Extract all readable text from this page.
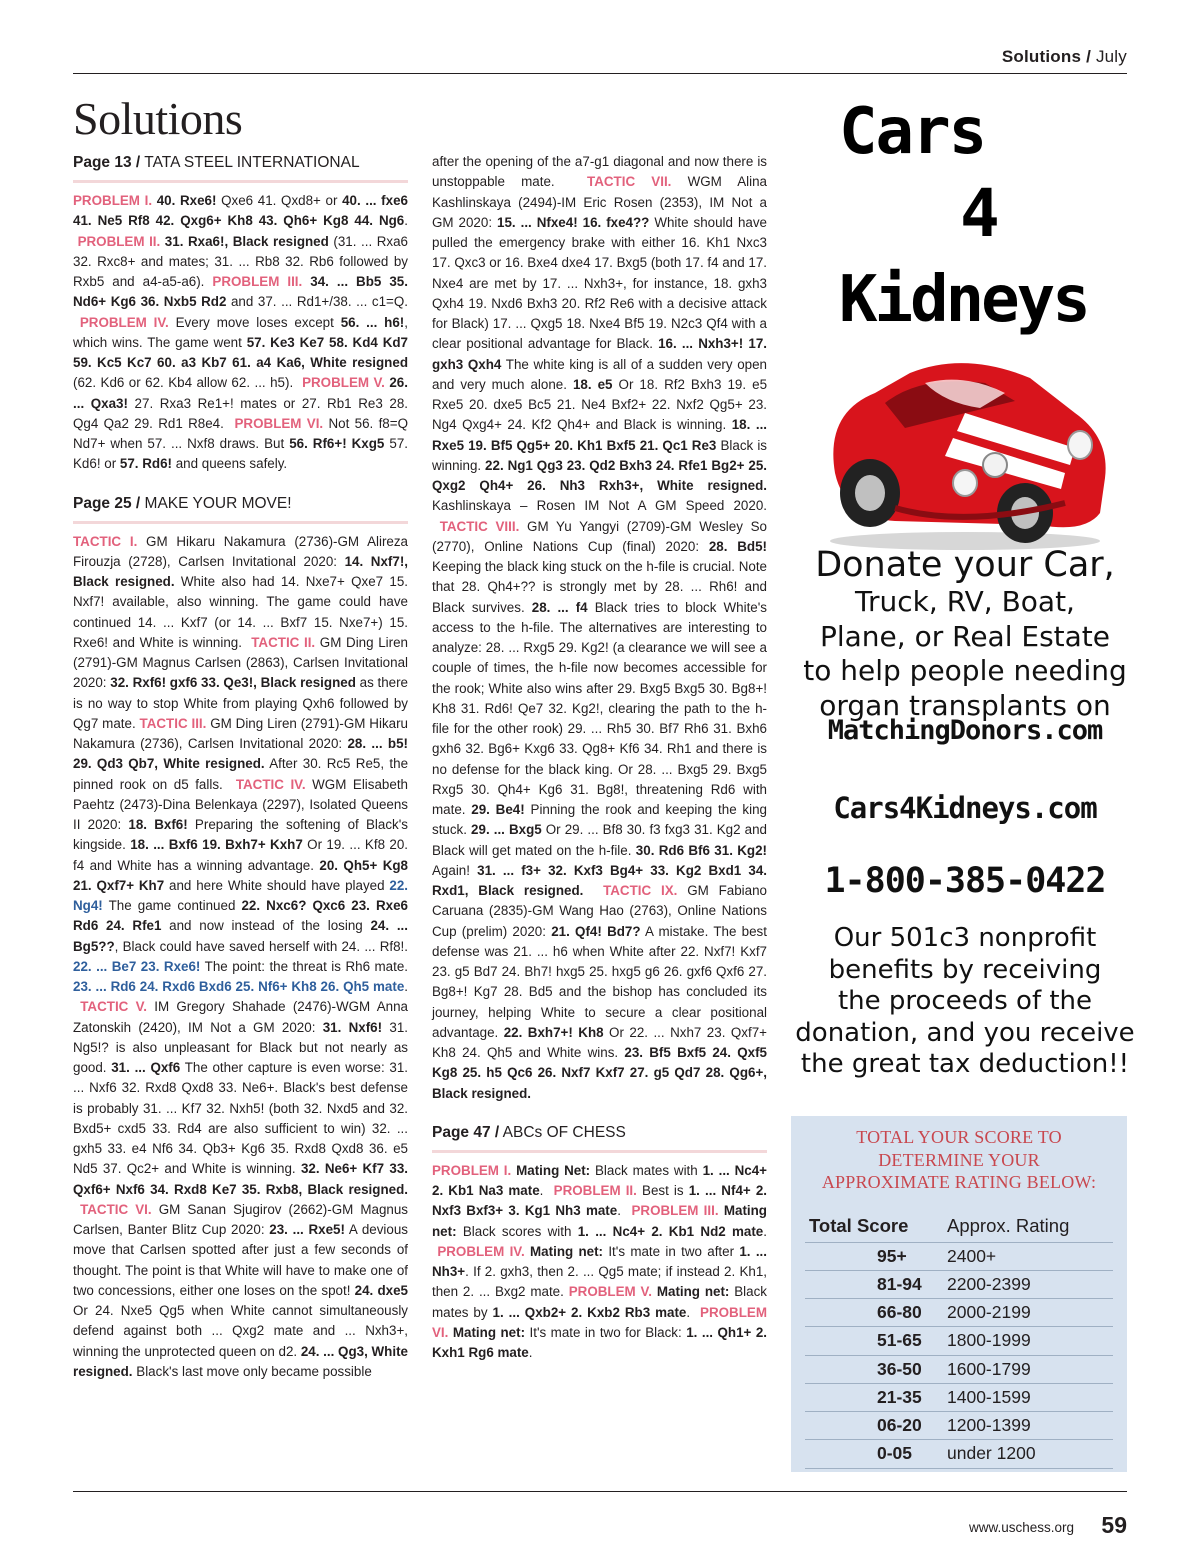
Solutions / July
Solutions
Page 13 / TATA STEEL INTERNATIONAL

PROBLEM I. 40. Rxe6! Qxe6 41. Qxd8+ or 40. ... fxe6 41. Ne5 Rf8 42. Qxg6+ Kh8 43. Qh6+ Kg8 44. Ng6.  PROBLEM II. 31. Rxa6!, Black resigned (31. ... Rxa6 32. Rxc8+ and mates; 31. ... Rb8 32. Rb6 followed by Rxb5 and a4-a5-a6). PROBLEM III. 34. ... Bb5 35. Nd6+ Kg6 36. Nxb5 Rd2 and 37. ... Rd1+/38. ... c1=Q.  PROBLEM IV. Every move loses except 56. ... h6!, which wins. The game went 57. Ke3 Ke7 58. Kd4 Kd7 59. Kc5 Kc7 60. a3 Kb7 61. a4 Ka6, White resigned (62. Kd6 or 62. Kb4 allow 62. ... h5).  PROBLEM V. 26. ... Qxa3! 27. Rxa3 Re1+! mates or 27. Rb1 Re3 28. Qg4 Qa2 29. Rd1 R8e4.  PROBLEM VI. Not 56. f8=Q Nd7+ when 57. ... Nxf8 draws. But 56. Rf6+! Kxg5 57. Kd6! or 57. Rd6! and queens safely.

Page 25 / MAKE YOUR MOVE!

TACTIC I. GM Hikaru Nakamura (2736)-GM Alireza Firouzja (2728), Carlsen Invitational 2020: 14. Nxf7!, Black resigned. White also had 14. Nxe7+ Qxe7 15. Nxf7! available, also winning. The game could have continued 14. ... Kxf7 (or 14. ... Bxf7 15. Nxe7+) 15. Rxe6! and White is winning.  TACTIC II. GM Ding Liren (2791)-GM Magnus Carlsen (2863), Carlsen Invitational 2020: 32. Rxf6! gxf6 33. Qe3!, Black resigned as there is no way to stop White from playing Qxh6 followed by Qg7 mate. TACTIC III. GM Ding Liren (2791)-GM Hikaru Nakamura (2736), Carlsen Invitational 2020: 28. ... b5! 29. Qd3 Qb7, White resigned. After 30. Rc5 Re5, the pinned rook on d5 falls.  TACTIC IV. WGM Elisabeth Paehtz (2473)-Dina Belenkaya (2297), Isolated Queens II 2020: 18. Bxf6! Preparing the softening of Black's kingside. 18. ... Bxf6 19. Bxh7+ Kxh7 Or 19. ... Kf8 20. f4 and White has a winning advantage. 20. Qh5+ Kg8 21. Qxf7+ Kh7 and here White should have played 22. Ng4! The game continued 22. Nxc6? Qxc6 23. Rxe6 Rd6 24. Rfe1 and now instead of the losing 24. ... Bg5??, Black could have saved herself with 24. ... Rf8!. 22. ... Be7 23. Rxe6! The point: the threat is Rh6 mate. 23. ... Rd6 24. Rxd6 Bxd6 25. Nf6+ Kh8 26. Qh5 mate.  TACTIC V. IM Gregory Shahade (2476)-WGM Anna Zatonskih (2420), IM Not a GM 2020: 31. Nxf6! 31. Ng5!? is also unpleasant for Black but not nearly as good. 31. ... Qxf6 The other capture is even worse: 31. ... Nxf6 32. Rxd8 Qxd8 33. Ne6+. Black's best defense is probably 31. ... Kf7 32. Nxh5! (both 32. Nxd5 and 32. Bxd5+ cxd5 33. Rd4 are also sufficient to win) 32. ... gxh5 33. e4 Nf6 34. Qb3+ Kg6 35. Rxd8 Qxd8 36. e5 Nd5 37. Qc2+ and White is winning. 32. Ne6+ Kf7 33. Qxf6+ Nxf6 34. Rxd8 Ke7 35. Rxb8, Black resigned.  TACTIC VI. GM Sanan Sjugirov (2662)-GM Magnus Carlsen, Banter Blitz Cup 2020: 23. ... Rxe5! A devious move that Carlsen spotted after just a few seconds of thought. The point is that White will have to make one of two concessions, either one loses on the spot! 24. dxe5 Or 24. Nxe5 Qg5 when White cannot simultaneously defend against both ... Qxg2 mate and ... Nxh3+, winning the unprotected queen on d2. 24. ... Qg3, White resigned. Black's last move only became possible

after the opening of the a7-g1 diagonal and now there is unstoppable mate.  TACTIC VII. WGM Alina Kashlinskaya (2494)-IM Eric Rosen (2353), IM Not a GM 2020: 15. ... Nfxe4! 16. fxe4?? White should have pulled the emergency brake with either 16. Kh1 Nxc3 17. Qxc3 or 16. Bxe4 dxe4 17. Bxg5 (both 17. f4 and 17. Nxe4 are met by 17. ... Nxh3+, for instance, 18. gxh3 Qxh4 19. Nxd6 Bxh3 20. Rf2 Re6 with a decisive attack for Black) 17. ... Qxg5 18. Nxe4 Bf5 19. N2c3 Qf4 with a clear positional advantage for Black. 16. ... Nxh3+! 17. gxh3 Qxh4 The white king is all of a sudden very open and very much alone. 18. e5 Or 18. Rf2 Bxh3 19. e5 Rxe5 20. dxe5 Bc5 21. Ne4 Bxf2+ 22. Nxf2 Qg5+ 23. Ng4 Qxg4+ 24. Kf2 Qh4+ and Black is winning. 18. ... Rxe5 19. Bf5 Qg5+ 20. Kh1 Bxf5 21. Qc1 Re3 Black is winning. 22. Ng1 Qg3 23. Qd2 Bxh3 24. Rfe1 Bg2+ 25. Qxg2 Qh4+ 26. Nh3 Rxh3+, White resigned. Kashlinskaya – Rosen IM Not A GM Speed 2020.  TACTIC VIII. GM Yu Yangyi (2709)-GM Wesley So (2770), Online Nations Cup (final) 2020: 28. Bd5! Keeping the black king stuck on the h-file is crucial. Note that 28. Qh4+?? is strongly met by 28. ... Rh6! and Black survives. 28. ... f4 Black tries to block White's access to the h-file. The alternatives are interesting to analyze: 28. ... Rxg5 29. Kg2! (a clearance we will see a couple of times, the h-file now becomes accessible for the rook; White also wins after 29. Bxg5 Bxg5 30. Bg8+! Kh8 31. Rd6! Qe7 32. Kg2!, clearing the path to the h-file for the other rook) 29. ... Rh5 30. Bf7 Rh6 31. Bxh6 gxh6 32. Bg6+ Kxg6 33. Qg8+ Kf6 34. Rh1 and there is no defense for the black king. Or 28. ... Bxg5 29. Bxg5 Rxg5 30. Qh4+ Kg6 31. Bg8!, threatening Rd6 with mate. 29. Be4! Pinning the rook and keeping the king stuck. 29. ... Bxg5 Or 29. ... Bf8 30. f3 fxg3 31. Kg2 and Black will get mated on the h-file. 30. Rd6 Bf6 31. Kg2! Again! 31. ... f3+ 32. Kxf3 Bg4+ 33. Kg2 Bxd1 34. Rxd1, Black resigned. TACTIC IX. GM Fabiano Caruana (2835)-GM Wang Hao (2763), Online Nations Cup (prelim) 2020: 21. Qf4! Bd7? A mistake. The best defense was 21. ... h6 when White after 22. Nxf7! Kxf7 23. g5 Bd7 24. Bh7! hxg5 25. hxg5 g6 26. gxf6 Qxf6 27. Bg8+! Kg7 28. Bd5 and the bishop has concluded its journey, helping White to secure a clear positional advantage. 22. Bxh7+! Kh8 Or 22. ... Nxh7 23. Qxf7+ Kh8 24. Qh5 and White wins. 23. Bf5 Bxf5 24. Qxf5 Kg8 25. h5 Qc6 26. Nxf7 Kxf7 27. g5 Qd7 28. Qg6+, Black resigned.

Page 47 / ABCs OF CHESS

PROBLEM I. Mating Net: Black mates with 1. ... Nc4+ 2. Kb1 Na3 mate.  PROBLEM II. Best is 1. ... Nf4+ 2. Nxf3 Bxf3+ 3. Kg1 Nh3 mate.  PROBLEM III. Mating net: Black scores with 1. ... Nc4+ 2. Kb1 Nd2 mate.  PROBLEM IV. Mating net: It's mate in two after 1. ... Nh3+. If 2. gxh3, then 2. ... Qg5 mate; if instead 2. Kh1, then 2. ... Bxg2 mate. PROBLEM V. Mating net: Black mates by 1. ... Qxb2+ 2. Kxb2 Rb3 mate.  PROBLEM VI. Mating net: It's mate in two for Black: 1. ... Qh1+ 2. Kxh1 Rg6 mate.

Cars
4
Kidneys
Donate your Car,
Truck, RV, Boat,
Plane, or Real Estate
to help people needing
organ transplants on
MatchingDonors.com
Cars4Kidneys.com
1-800-385-0422
Our 501c3 nonprofit
benefits by receiving
the proceeds of the
donation, and you receive
the great tax deduction!!
TOTAL YOUR SCORE TO
DETERMINE YOUR
APPROXIMATE RATING BELOW:
Total Score	Approx. Rating
95+	2400+
81-94	2200-2399
66-80	2000-2199
51-65	1800-1999
36-50	1600-1799
21-35	1400-1599
06-20	1200-1399
0-05	under 1200
www.uschess.org 59
